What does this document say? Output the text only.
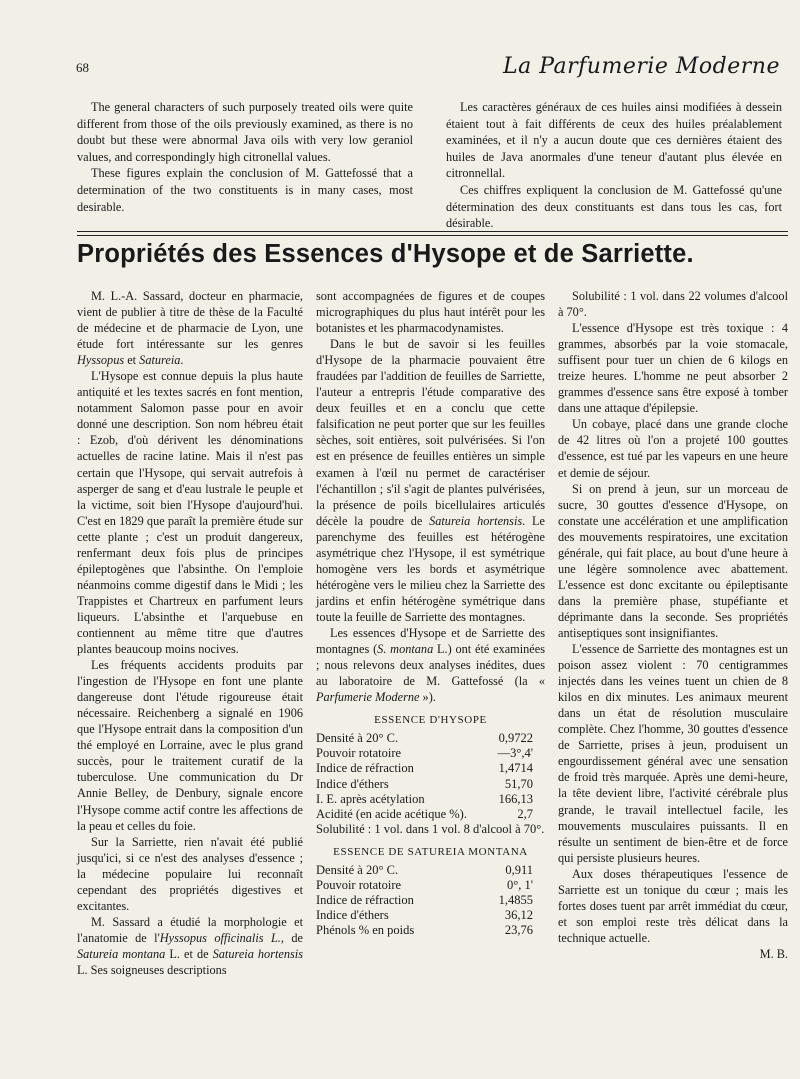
68	La Parfumerie Moderne

The general characters of such purposely treated oils were quite different from those of the oils previously examined, as there is no doubt but these were abnormal Java oils with very low geraniol values, and correspondingly high citronellal values.

These figures explain the conclusion of M. Gattefossé that a determination of the two constituents is in many cases, most desirable.

Les caractères généraux de ces huiles ainsi modifiées à dessein étaient tout à fait différents de ceux des huiles préalablement examinées, et il n'y a aucun doute que ces dernières étaient des huiles de Java anormales d'une teneur d'autant plus élevée en citronnellal.

Ces chiffres expliquent la conclusion de M. Gattefossé qu'une détermination des deux constituants est dans tous les cas, fort désirable.

Propriétés des Essences d'Hysope et de Sarriette.

M. L.-A. Sassard, docteur en pharmacie, vient de publier à titre de thèse de la Faculté de médecine et de pharmacie de Lyon, une étude fort intéressante sur les genres Hyssopus et Satureia.

L'Hysope est connue depuis la plus haute antiquité et les textes sacrés en font mention, notamment Salomon passe pour en avoir donné une description. Son nom hébreu était : Ezob, d'où dérivent les dénominations actuelles de racine latine. Mais il n'est pas certain que l'Hysope, qui servait autrefois à asperger de sang et d'eau lustrale le peuple et la victime, soit bien l'Hysope d'aujourd'hui. C'est en 1829 que paraît la première étude sur cette plante ; c'est un produit dangereux, renfermant deux fois plus de principes épileptogènes que l'absinthe. On l'emploie néanmoins comme digestif dans le Midi ; les Trappistes et Chartreux en parfument leurs liqueurs. L'absinthe et l'arquebuse en contiennent au même titre que d'autres plantes beaucoup moins nocives.

Les fréquents accidents produits par l'ingestion de l'Hysope en font une plante dangereuse dont l'étude rigoureuse était nécessaire. Reichenberg a signalé en 1906 que l'Hysope entrait dans la composition d'un thé employé en Lorraine, avec le plus grand succès, pour le traitement curatif de la tuberculose. Une communication du Dr Annie Belley, de Denbury, signale encore l'Hysope comme actif contre les affections de la peau et celles du foie.

Sur la Sarriette, rien n'avait été publié jusqu'ici, si ce n'est des analyses d'essence ; la médecine populaire lui reconnaît cependant des propriétés digestives et excitantes.

M. Sassard a étudié la morphologie et l'anatomie de l'Hyssopus officinalis L., de Satureia montana L. et de Satureia hortensis L. Ses soigneuses descriptions

sont accompagnées de figures et de coupes micrographiques du plus haut intérêt pour les botanistes et les pharmacodynamistes.

Dans le but de savoir si les feuilles d'Hysope de la pharmacie pouvaient être fraudées par l'addition de feuilles de Sarriette, l'auteur a entrepris l'étude comparative des deux feuilles et en a conclu que cette falsification ne peut porter que sur les feuilles sèches, soit entières, soit pulvérisées. Si l'on est en présence de feuilles entières un simple examen à l'œil nu permet de caractériser l'échantillon ; s'il s'agit de plantes pulvérisées, la présence de poils bicellulaires articulés décèle la poudre de Satureia hortensis. Le parenchyme des feuilles est hétérogène asymétrique chez l'Hysope, il est symétrique homogène vers les bords et asymétrique hétérogène vers le milieu chez la Sarriette des jardins et enfin hétérogène symétrique dans toute la feuille de Sarriette des montagnes.

Les essences d'Hysope et de Sarriette des montagnes (S. montana L.) ont été examinées ; nous relevons deux analyses inédites, dues au laboratoire de M. Gattefossé (la « Parfumerie Moderne »).

ESSENCE D'HYSOPE
Densité à 20° C.	0,9722
Pouvoir rotatoire	—3°,4'
Indice de réfraction	1,4714
Indice d'éthers	51,70
I. E. après acétylation	166,13
Acidité (en acide acétique %).	2,7
Solubilité : 1 vol. dans 1 vol. 8 d'alcool à 70°.
ESSENCE DE SATUREIA MONTANA
Densité à 20° C.	0,911
Pouvoir rotatoire	0°, 1'
Indice de réfraction	1,4855
Indice d'éthers	36,12
Phénols % en poids	23,76

Solubilité : 1 vol. dans 22 volumes d'alcool à 70°.

L'essence d'Hysope est très toxique : 4 grammes, absorbés par la voie stomacale, suffisent pour tuer un chien de 6 kilogs en treize heures. L'homme ne peut absorber 2 grammes d'essence sans être exposé à tomber dans une attaque d'épilepsie.

Un cobaye, placé dans une grande cloche de 42 litres où l'on a projeté 100 gouttes d'essence, est tué par les vapeurs en une heure et demie de séjour.

Si on prend à jeun, sur un morceau de sucre, 30 gouttes d'essence d'Hysope, on constate une accélération et une amplification des mouvements respiratoires, une excitation générale, qui fait place, au bout d'une heure à une légère somnolence avec abattement. L'essence est donc excitante ou épileptisante dans la première phase, stupéfiante et déprimante dans la seconde. Ses propriétés antiseptiques sont insignifiantes.

L'essence de Sarriette des montagnes est un poison assez violent : 70 centigrammes injectés dans les veines tuent un chien de 8 kilos en dix minutes. Les animaux meurent dans un état de résolution musculaire complète. Chez l'homme, 30 gouttes d'essence de Sarriette, prises à jeun, produisent un engourdissement général avec une sensation de froid très marquée. Après une demi-heure, la tête devient libre, l'activité cérébrale plus grande, le travail intellectuel facile, les mouvements musculaires puissants. Il en résulte un sentiment de bien-être et de force qui persiste plusieurs heures.

Aux doses thérapeutiques l'essence de Sarriette est un tonique du cœur ; mais les fortes doses tuent par arrêt immédiat du cœur, et son emploi reste très délicat dans la technique actuelle.

M. B.
